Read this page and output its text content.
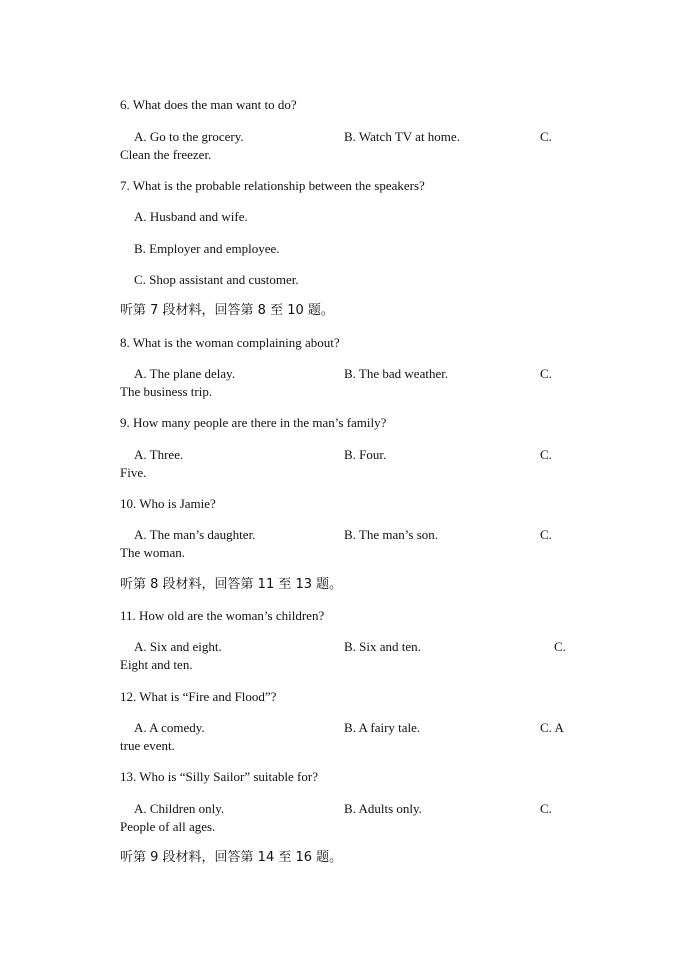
6. What does the man want to do?
A. Go to the grocery.	B. Watch TV at home.	C.
Clean the freezer.
7. What is the probable relationship between the speakers?
A. Husband and wife.
B. Employer and employee.
C. Shop assistant and customer.
听第 7 段材料，回答第 8 至 10 题。
8. What is the woman complaining about?
A. The plane delay.	B. The bad weather.	C.
The business trip.
9. How many people are there in the man’s family?
A. Three.	B. Four.	C.
Five.
10. Who is Jamie?
A. The man’s daughter.	B. The man’s son.	C.
The woman.
听第 8 段材料，回答第 11 至 13 题。
11. How old are the woman’s children?
A. Six and eight.	B. Six and ten.	C.
Eight and ten.
12. What is “Fire and Flood”?
A. A comedy.	B. A fairy tale.	C. A
true event.
13. Who is “Silly Sailor” suitable for?
A. Children only.	B. Adults only.	C.
People of all ages.
听第 9 段材料，回答第 14 至 16 题。
